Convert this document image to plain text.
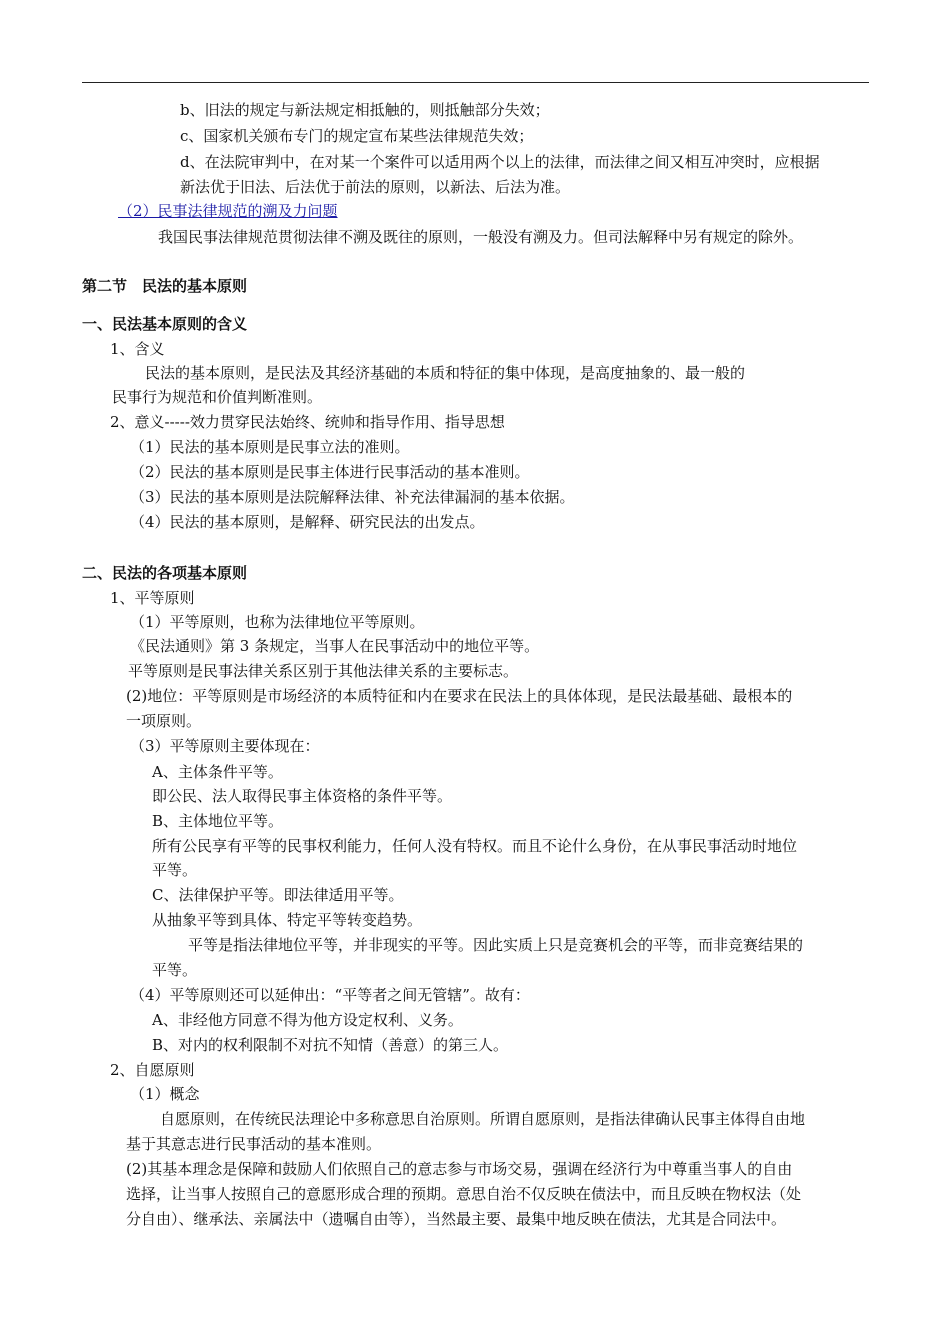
b、旧法的规定与新法规定相抵触的，则抵触部分失效；
c、国家机关颁布专门的规定宣布某些法律规范失效；
d、在法院审判中，在对某一个案件可以适用两个以上的法律，而法律之间又相互冲突时，应根据
新法优于旧法、后法优于前法的原则，以新法、后法为准。
（2）民事法律规范的溯及力问题
我国民事法律规范贯彻法律不溯及既往的原则，一般没有溯及力。但司法解释中另有规定的除外。
第二节　民法的基本原则
一、民法基本原则的含义
1、含义
民法的基本原则，是民法及其经济基础的本质和特征的集中体现，是高度抽象的、最一般的
民事行为规范和价值判断准则。
2、意义-----效力贯穿民法始终、统帅和指导作用、指导思想
（1）民法的基本原则是民事立法的准则。
（2）民法的基本原则是民事主体进行民事活动的基本准则。
（3）民法的基本原则是法院解释法律、补充法律漏洞的基本依据。
（4）民法的基本原则，是解释、研究民法的出发点。
二、民法的各项基本原则
1、平等原则
（1）平等原则，也称为法律地位平等原则。
《民法通则》第 3 条规定，当事人在民事活动中的地位平等。
平等原则是民事法律关系区别于其他法律关系的主要标志。
(2)地位：平等原则是市场经济的本质特征和内在要求在民法上的具体体现，是民法最基础、最根本的
一项原则。
（3）平等原则主要体现在：
A、主体条件平等。
即公民、法人取得民事主体资格的条件平等。
B、主体地位平等。
所有公民享有平等的民事权利能力，任何人没有特权。而且不论什么身份，在从事民事活动时地位
平等。
C、法律保护平等。即法律适用平等。
从抽象平等到具体、特定平等转变趋势。
平等是指法律地位平等，并非现实的平等。因此实质上只是竞赛机会的平等，而非竞赛结果的
平等。
（4）平等原则还可以延伸出：“平等者之间无管辖”。故有：
A、非经他方同意不得为他方设定权利、义务。
B、对内的权利限制不对抗不知情（善意）的第三人。
2、自愿原则
（1）概念
自愿原则，在传统民法理论中多称意思自治原则。所谓自愿原则，是指法律确认民事主体得自由地
基于其意志进行民事活动的基本准则。
(2)其基本理念是保障和鼓励人们依照自己的意志参与市场交易，强调在经济行为中尊重当事人的自由
选择，让当事人按照自己的意愿形成合理的预期。意思自治不仅反映在债法中，而且反映在物权法（处
分自由）、继承法、亲属法中（遗嘱自由等），当然最主要、最集中地反映在债法，尤其是合同法中。
